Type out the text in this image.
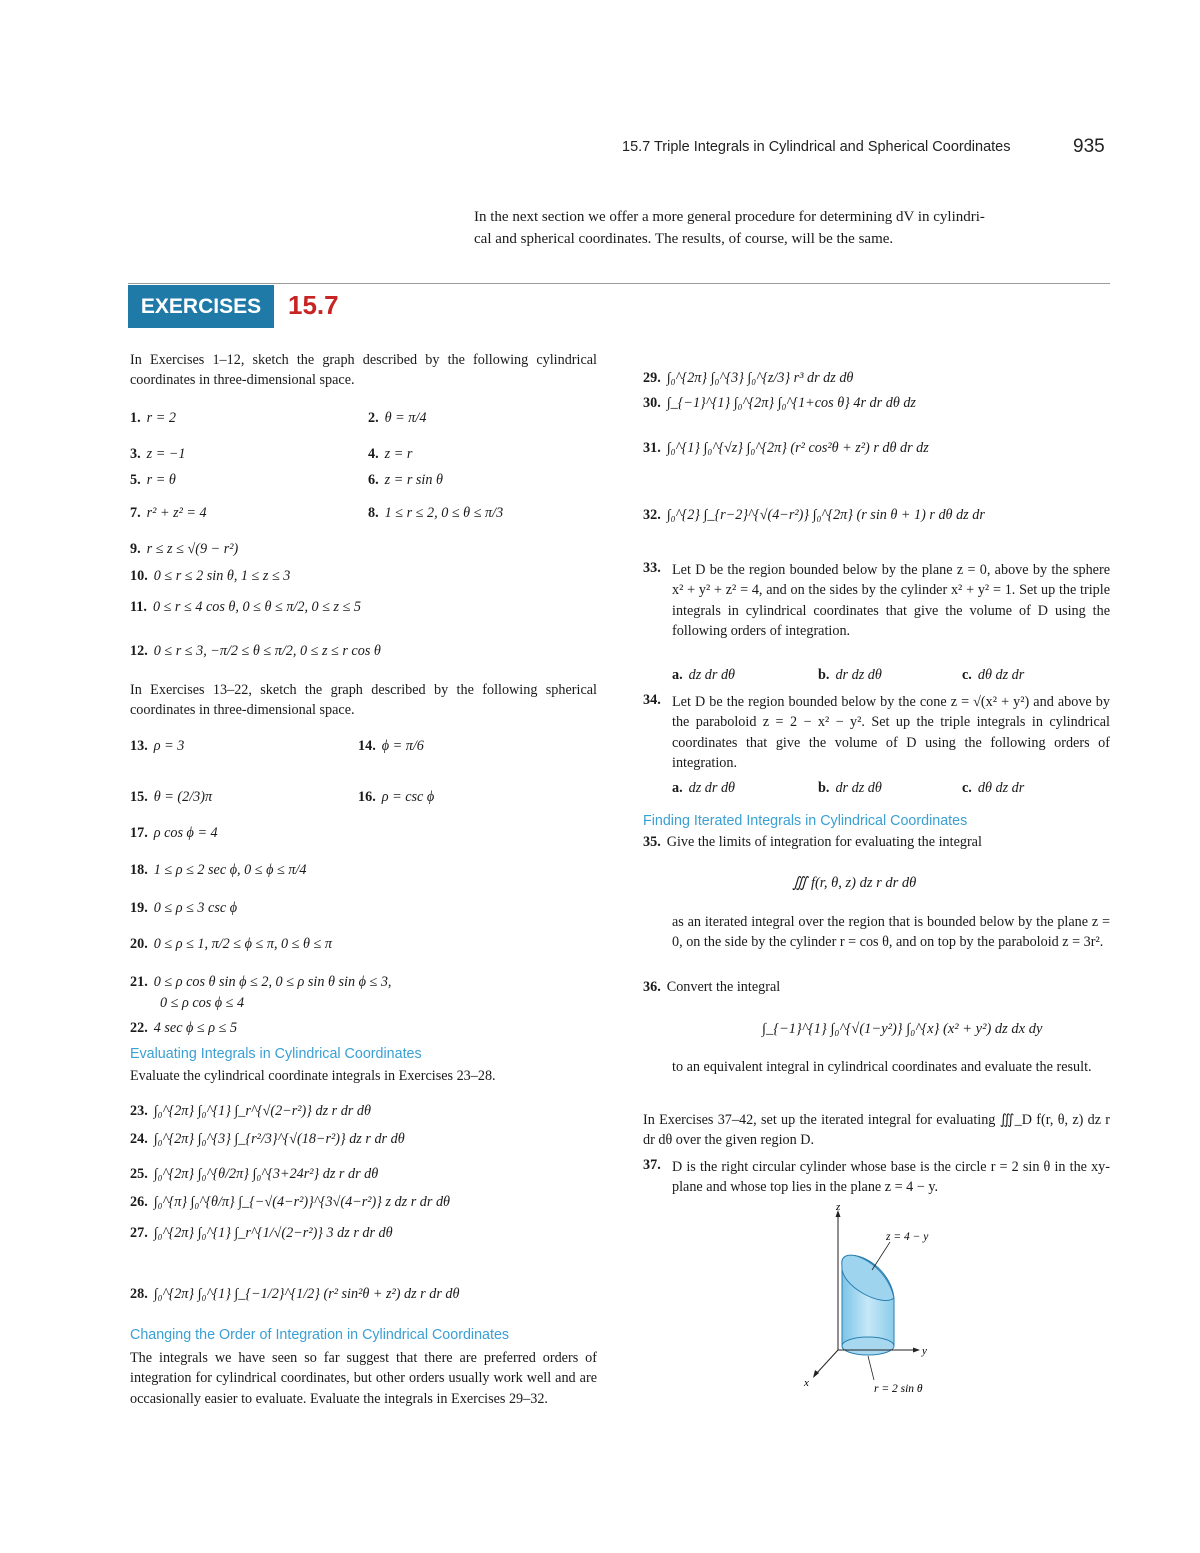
15.7 Triple Integrals in Cylindrical and Spherical Coordinates	935
In the next section we offer a more general procedure for determining dV in cylindri-
cal and spherical coordinates. The results, of course, will be the same.
EXERCISES	15.7
In Exercises 1–12, sketch the graph described by the following cylindrical coordinates in three-dimensional space.
1. r = 2	2. θ = π/4
3. z = −1	4. z = r
5. r = θ	6. z = r sin θ
7. r² + z² = 4	8. 1 ≤ r ≤ 2, 0 ≤ θ ≤ π/3
9. r ≤ z ≤ √(9 − r²)
10. 0 ≤ r ≤ 2 sin θ, 1 ≤ z ≤ 3
11. 0 ≤ r ≤ 4 cos θ, 0 ≤ θ ≤ π/2, 0 ≤ z ≤ 5
12. 0 ≤ r ≤ 3, −π/2 ≤ θ ≤ π/2, 0 ≤ z ≤ r cos θ
In Exercises 13–22, sketch the graph described by the following spherical coordinates in three-dimensional space.
13. ρ = 3	14. ϕ = π/6
15. θ = (2/3)π	16. ρ = csc ϕ
17. ρ cos ϕ = 4
18. 1 ≤ ρ ≤ 2 sec ϕ, 0 ≤ ϕ ≤ π/4
19. 0 ≤ ρ ≤ 3 csc ϕ
20. 0 ≤ ρ ≤ 1, π/2 ≤ ϕ ≤ π, 0 ≤ θ ≤ π
21. 0 ≤ ρ cos θ sin ϕ ≤ 2, 0 ≤ ρ sin θ sin ϕ ≤ 3,
0 ≤ ρ cos ϕ ≤ 4
22. 4 sec ϕ ≤ ρ ≤ 5
Evaluating Integrals in Cylindrical Coordinates
Evaluate the cylindrical coordinate integrals in Exercises 23–28.
23. ∫₀^{2π} ∫₀^{1} ∫_r^{√(2−r²)} dz r dr dθ
24. ∫₀^{2π} ∫₀^{3} ∫_{r²/3}^{√(18−r²)} dz r dr dθ
25. ∫₀^{2π} ∫₀^{θ/2π} ∫₀^{3+24r²} dz r dr dθ
26. ∫₀^{π} ∫₀^{θ/π} ∫_{−√(4−r²)}^{3√(4−r²)} z dz r dr dθ
27. ∫₀^{2π} ∫₀^{1} ∫_r^{1/√(2−r²)} 3 dz r dr dθ
28. ∫₀^{2π} ∫₀^{1} ∫_{−1/2}^{1/2} (r² sin²θ + z²) dz r dr dθ
Changing the Order of Integration in Cylindrical Coordinates
The integrals we have seen so far suggest that there are preferred orders of integration for cylindrical coordinates, but other orders usually work well and are occasionally easier to evaluate. Evaluate the integrals in Exercises 29–32.
29. ∫₀^{2π} ∫₀^{3} ∫₀^{z/3} r³ dr dz dθ
30. ∫_{−1}^{1} ∫₀^{2π} ∫₀^{1+cos θ} 4r dr dθ dz
31. ∫₀^{1} ∫₀^{√z} ∫₀^{2π} (r² cos²θ + z²) r dθ dr dz
32. ∫₀^{2} ∫_{r−2}^{√(4−r²)} ∫₀^{2π} (r sin θ + 1) r dθ dz dr
33. Let D be the region bounded below by the plane z = 0, above by the sphere x² + y² + z² = 4, and on the sides by the cylinder x² + y² = 1. Set up the triple integrals in cylindrical coordinates that give the volume of D using the following orders of integration.
a. dz dr dθ	b. dr dz dθ	c. dθ dz dr
34. Let D be the region bounded below by the cone z = √(x² + y²) and above by the paraboloid z = 2 − x² − y². Set up the triple integrals in cylindrical coordinates that give the volume of D using the following orders of integration.
a. dz dr dθ	b. dr dz dθ	c. dθ dz dr
Finding Iterated Integrals in Cylindrical Coordinates
35. Give the limits of integration for evaluating the integral
∭ f(r, θ, z) dz r dr dθ
as an iterated integral over the region that is bounded below by the plane z = 0, on the side by the cylinder r = cos θ, and on top by the paraboloid z = 3r².
36. Convert the integral
∫_{−1}^{1} ∫₀^{√(1−y²)} ∫₀^{x} (x² + y²) dz dx dy
to an equivalent integral in cylindrical coordinates and evaluate the result.
In Exercises 37–42, set up the iterated integral for evaluating ∭_D f(r, θ, z) dz r dr dθ over the given region D.
37. D is the right circular cylinder whose base is the circle r = 2 sin θ in the xy-plane and whose top lies in the plane z = 4 − y.
z
y
x
z = 4 − y
r = 2 sin θ
